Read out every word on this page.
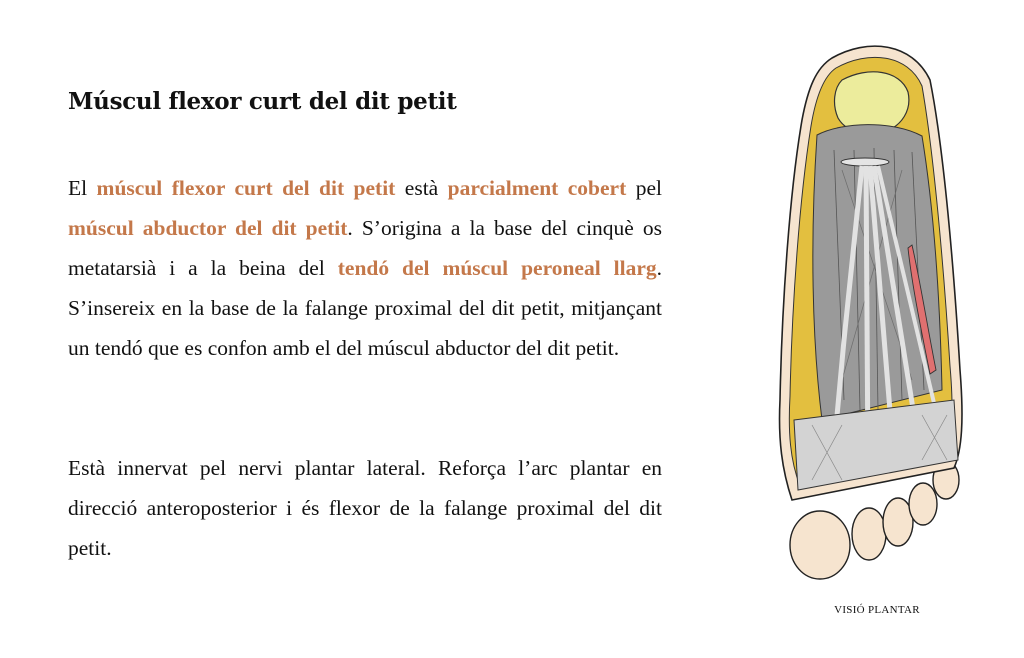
Múscul flexor curt del dit petit

El múscul flexor curt del dit petit està parcialment cobert pel múscul abductor del dit petit. S’origina a la base del cinquè os metatarsià i a la beina del tendó del múscul peroneal llarg. S’insereix en la base de la falange proximal del dit petit, mitjançant un tendó que es confon amb el del múscul abductor del dit petit.

Està innervat pel nervi plantar lateral. Reforça l’arc plantar en direcció anteroposterior i és flexor de la falange proximal del dit petit.

VISIÓ PLANTAR
